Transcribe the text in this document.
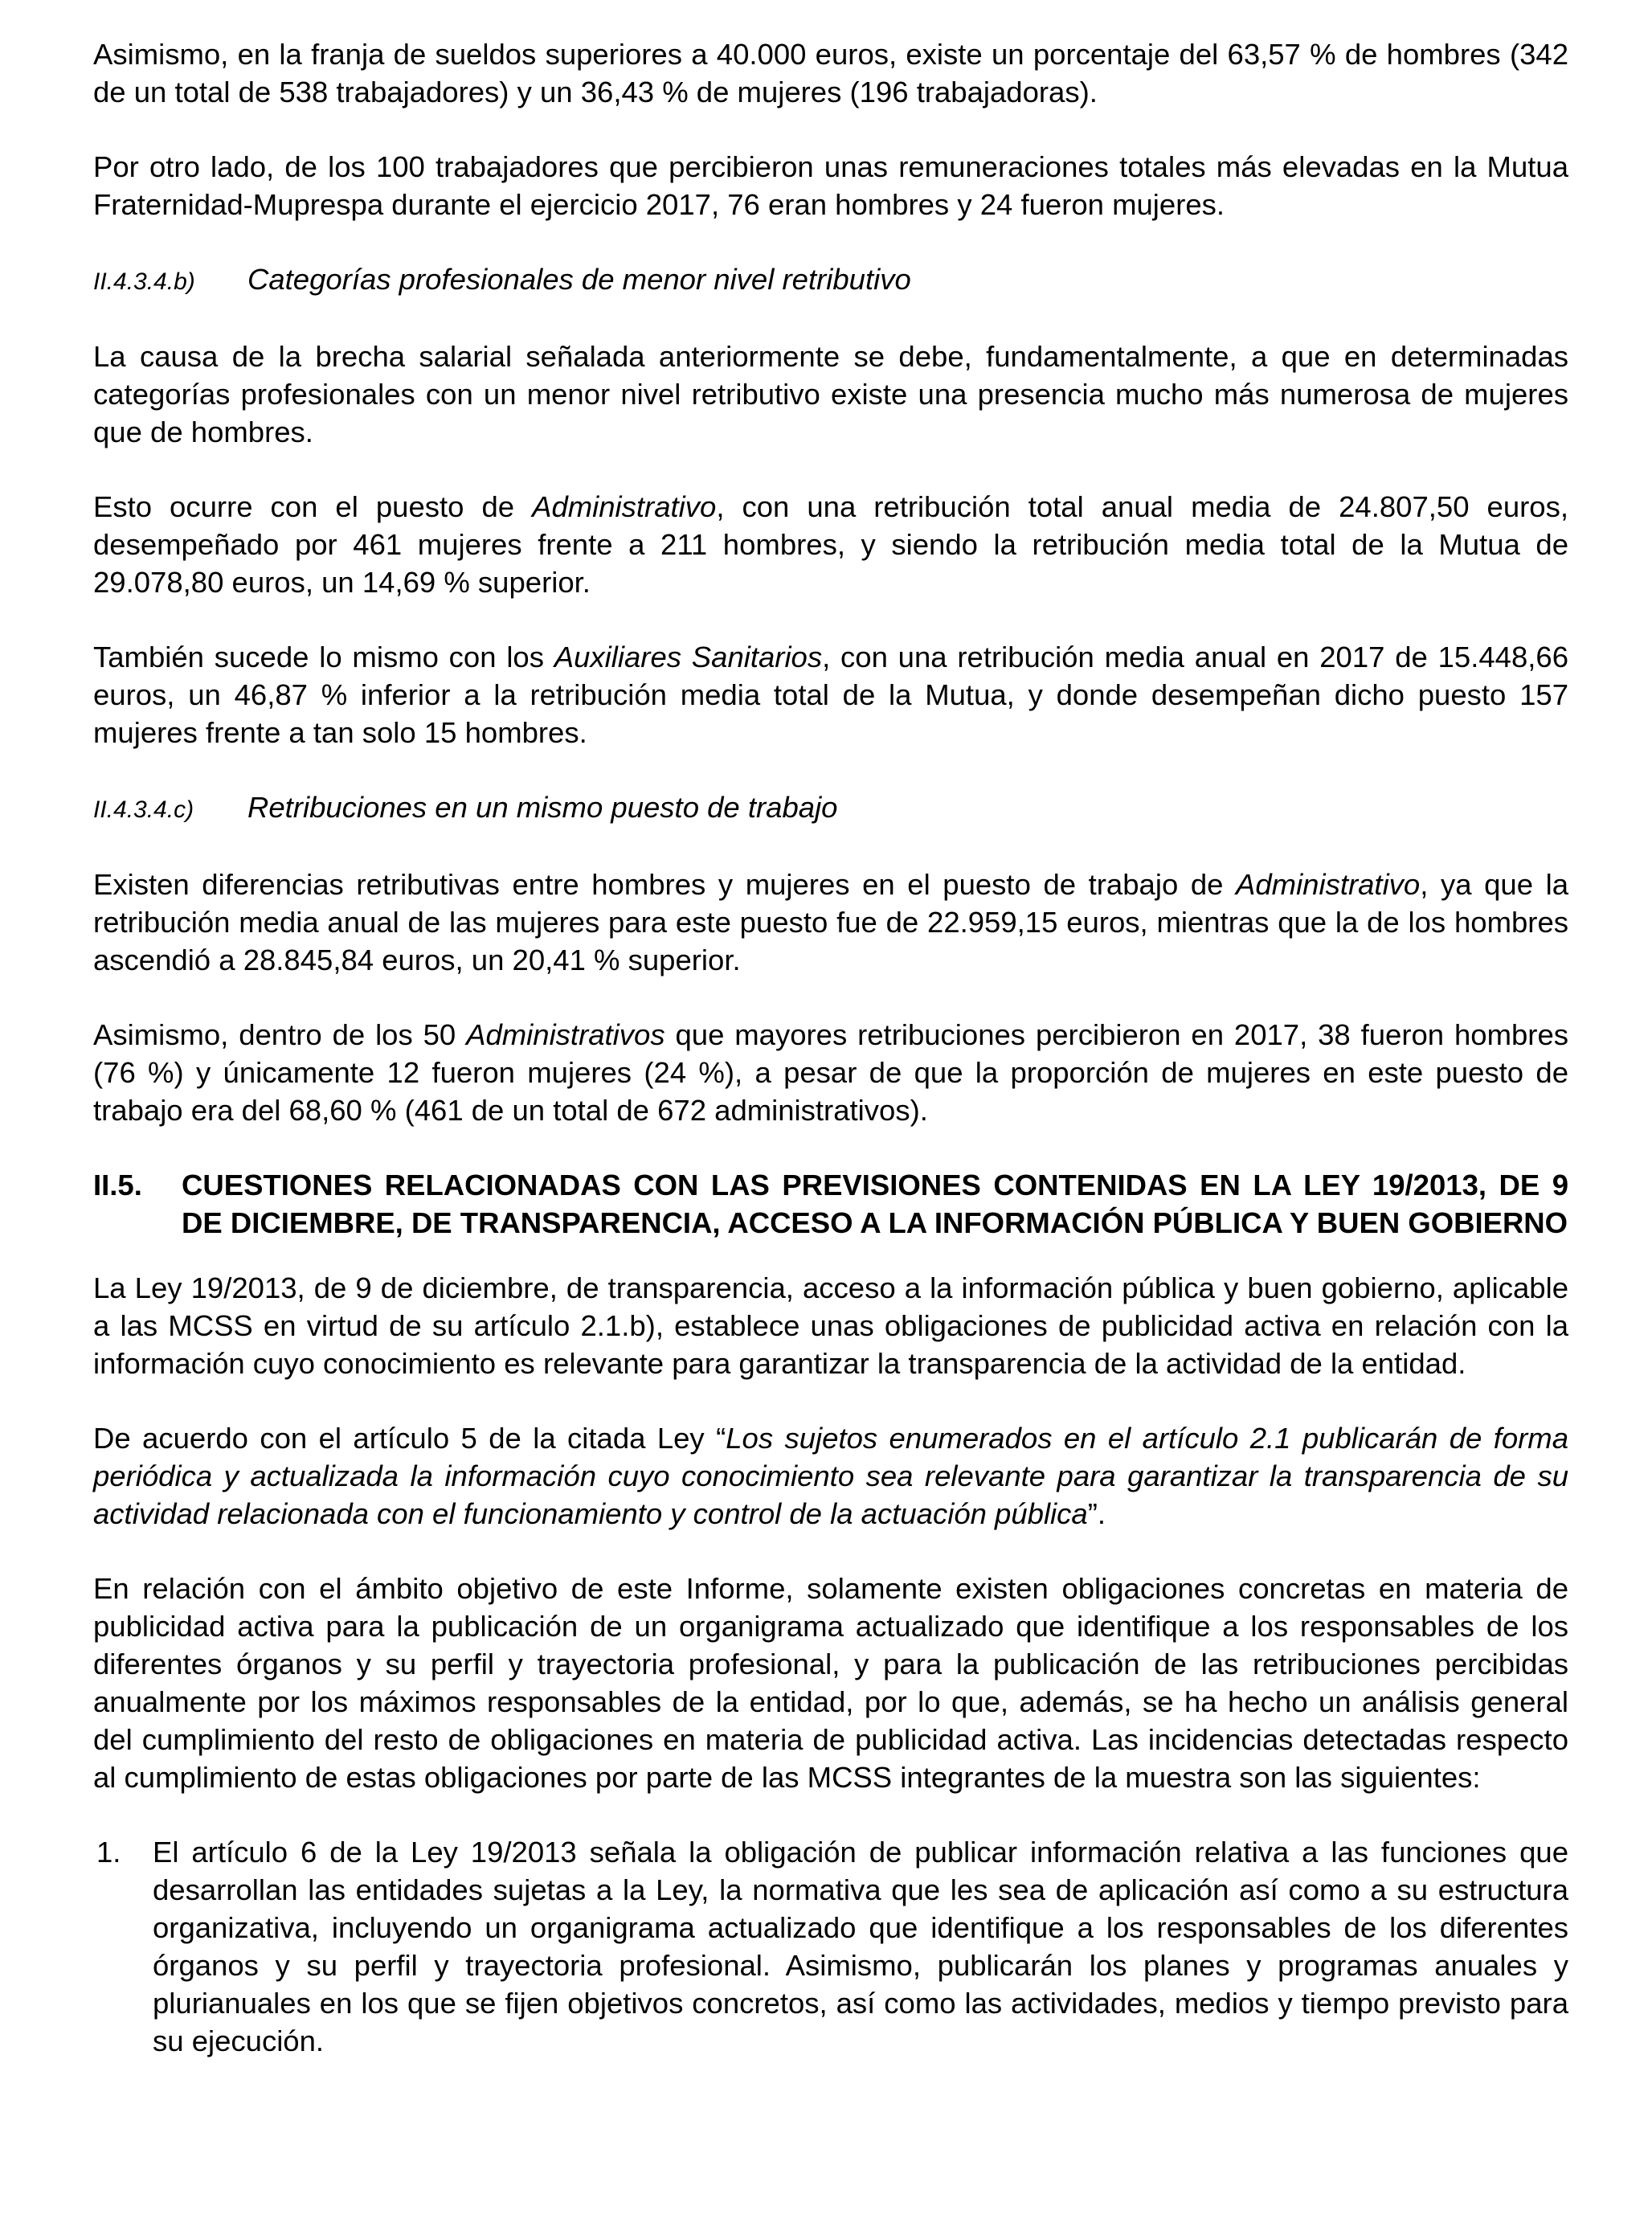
Asimismo, en la franja de sueldos superiores a 40.000 euros, existe un porcentaje del 63,57 % de hombres (342 de un total de 538 trabajadores) y un 36,43 % de mujeres (196 trabajadoras).

Por otro lado, de los 100 trabajadores que percibieron unas remuneraciones totales más elevadas en la Mutua Fraternidad-Muprespa durante el ejercicio 2017, 76 eran hombres y 24 fueron mujeres.

II.4.3.4.b) Categorías profesionales de menor nivel retributivo

La causa de la brecha salarial señalada anteriormente se debe, fundamentalmente, a que en determinadas categorías profesionales con un menor nivel retributivo existe una presencia mucho más numerosa de mujeres que de hombres.

Esto ocurre con el puesto de Administrativo, con una retribución total anual media de 24.807,50 euros, desempeñado por 461 mujeres frente a 211 hombres, y siendo la retribución media total de la Mutua de 29.078,80 euros, un 14,69 % superior.

También sucede lo mismo con los Auxiliares Sanitarios, con una retribución media anual en 2017 de 15.448,66 euros, un 46,87 % inferior a la retribución media total de la Mutua, y donde desempeñan dicho puesto 157 mujeres frente a tan solo 15 hombres.

II.4.3.4.c) Retribuciones en un mismo puesto de trabajo

Existen diferencias retributivas entre hombres y mujeres en el puesto de trabajo de Administrativo, ya que la retribución media anual de las mujeres para este puesto fue de 22.959,15 euros, mientras que la de los hombres ascendió a 28.845,84 euros, un 20,41 % superior.

Asimismo, dentro de los 50 Administrativos que mayores retribuciones percibieron en 2017, 38 fueron hombres (76 %) y únicamente 12 fueron mujeres (24 %), a pesar de que la proporción de mujeres en este puesto de trabajo era del 68,60 % (461 de un total de 672 administrativos).

II.5.	CUESTIONES RELACIONADAS CON LAS PREVISIONES CONTENIDAS EN LA LEY 19/2013, DE 9 DE DICIEMBRE, DE TRANSPARENCIA, ACCESO A LA INFORMACIÓN PÚBLICA Y BUEN GOBIERNO

La Ley 19/2013, de 9 de diciembre, de transparencia, acceso a la información pública y buen gobierno, aplicable a las MCSS en virtud de su artículo 2.1.b), establece unas obligaciones de publicidad activa en relación con la información cuyo conocimiento es relevante para garantizar la transparencia de la actividad de la entidad.

De acuerdo con el artículo 5 de la citada Ley “Los sujetos enumerados en el artículo 2.1 publicarán de forma periódica y actualizada la información cuyo conocimiento sea relevante para garantizar la transparencia de su actividad relacionada con el funcionamiento y control de la actuación pública”.

En relación con el ámbito objetivo de este Informe, solamente existen obligaciones concretas en materia de publicidad activa para la publicación de un organigrama actualizado que identifique a los responsables de los diferentes órganos y su perfil y trayectoria profesional, y para la publicación de las retribuciones percibidas anualmente por los máximos responsables de la entidad, por lo que, además, se ha hecho un análisis general del cumplimiento del resto de obligaciones en materia de publicidad activa. Las incidencias detectadas respecto al cumplimiento de estas obligaciones por parte de las MCSS integrantes de la muestra son las siguientes:

1.	El artículo 6 de la Ley 19/2013 señala la obligación de publicar información relativa a las funciones que desarrollan las entidades sujetas a la Ley, la normativa que les sea de aplicación así como a su estructura organizativa, incluyendo un organigrama actualizado que identifique a los responsables de los diferentes órganos y su perfil y trayectoria profesional. Asimismo, publicarán los planes y programas anuales y plurianuales en los que se fijen objetivos concretos, así como las actividades, medios y tiempo previsto para su ejecución.
